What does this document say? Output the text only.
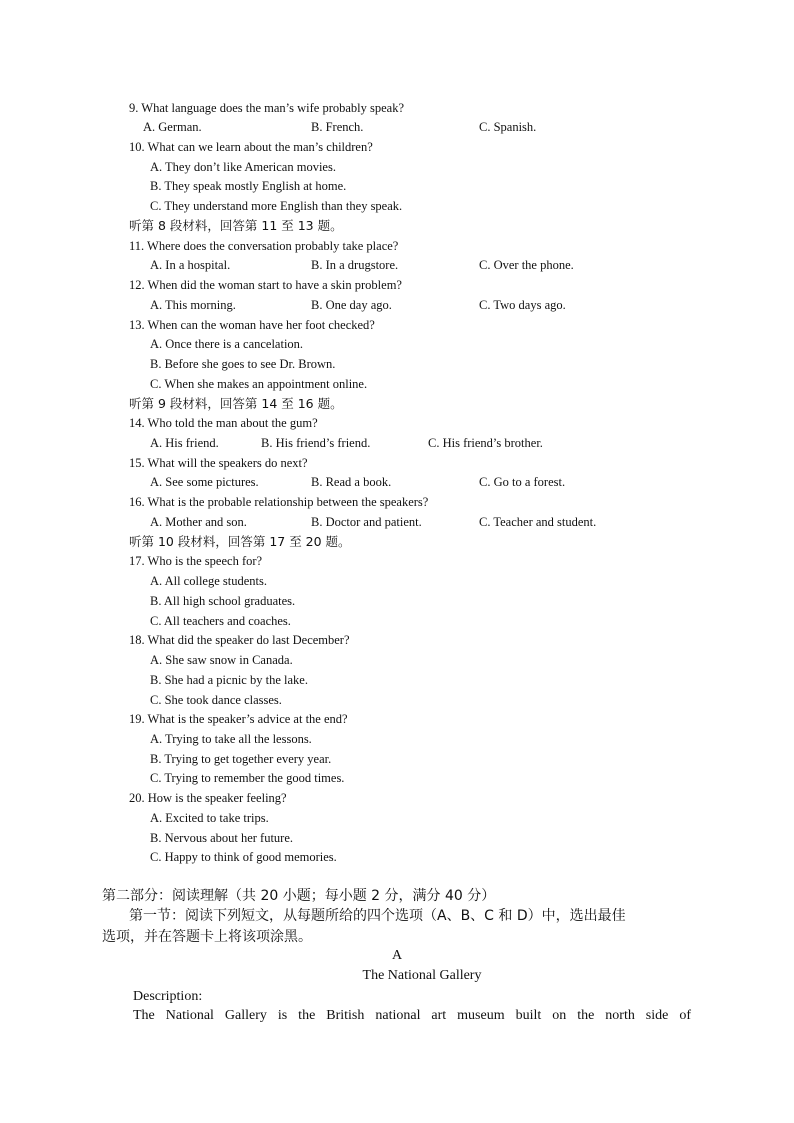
9. What language does the man’s wife probably speak?
A. German.	B. French.	C. Spanish.
10. What can we learn about the man’s children?
A. They don’t like American movies.
B. They speak mostly English at home.
C. They understand more English than they speak.
听第 8 段材料，回答第 11 至 13 题。
11. Where does the conversation probably take place?
A. In a hospital.	B. In a drugstore.	C. Over the phone.
12. When did the woman start to have a skin problem?
A. This morning.	B. One day ago.	C. Two days ago.
13. When can the woman have her foot checked?
A. Once there is a cancelation.
B. Before she goes to see Dr. Brown.
C. When she makes an appointment online.
听第 9 段材料，回答第 14 至 16 题。
14. Who told the man about the gum?
A. His friend.	B. His friend’s friend.	C. His friend’s brother.
15. What will the speakers do next?
A. See some pictures.	B. Read a book.	C. Go to a forest.
16. What is the probable relationship between the speakers?
A. Mother and son.	B. Doctor and patient.	C. Teacher and student.
听第 10 段材料，回答第 17 至 20 题。
17. Who is the speech for?
A. All college students.
B. All high school graduates.
C. All teachers and coaches.
18. What did the speaker do last December?
A. She saw snow in Canada.
B. She had a picnic by the lake.
C. She took dance classes.
19. What is the speaker’s advice at the end?
A. Trying to take all the lessons.
B. Trying to get together every year.
C. Trying to remember the good times.
20. How is the speaker feeling?
A. Excited to take trips.
B. Nervous about her future.
C. Happy to think of good memories.
第二部分：阅读理解（共 20 小题；每小题 2 分，满分 40 分）
第一节：阅读下列短文，从每题所给的四个选项（A、B、C 和 D）中，选出最佳
选项，并在答题卡上将该项涂黑。
A
The National Gallery
Description:
The National Gallery is the British national art museum built on the north side of
